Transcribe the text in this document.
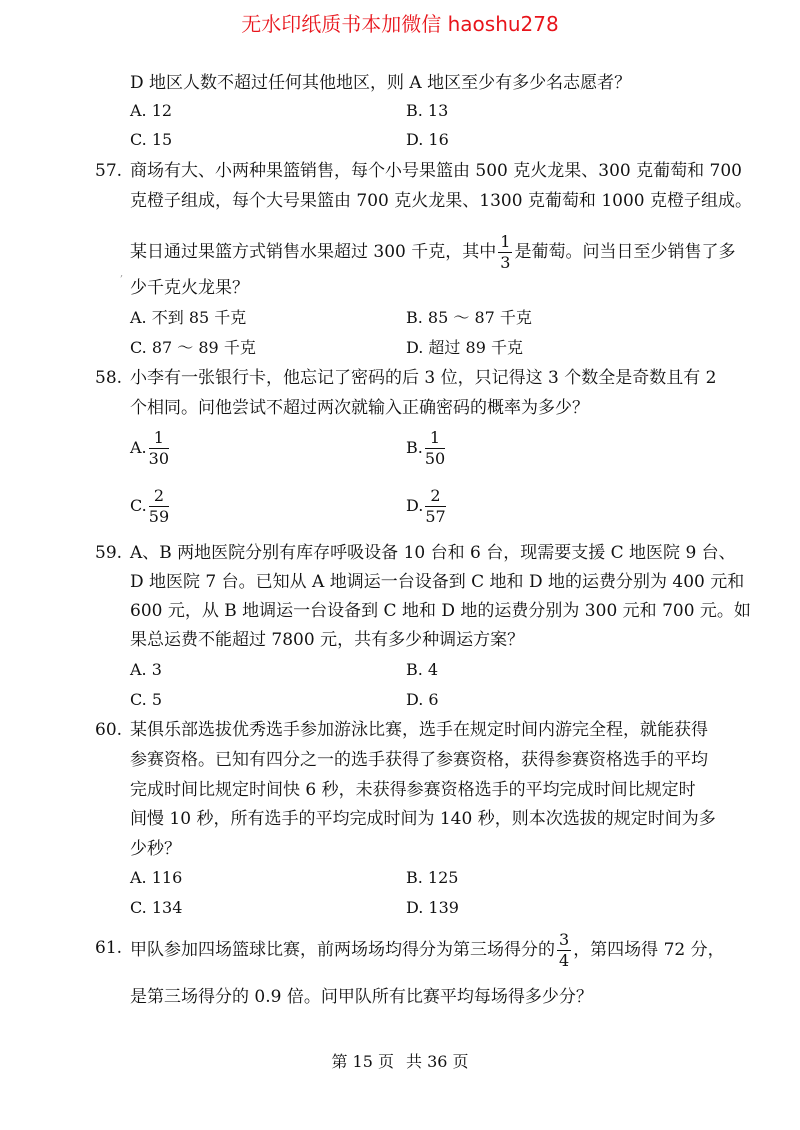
无水印纸质书本加微信 haoshu278
D 地区人数不超过任何其他地区，则 A 地区至少有多少名志愿者？
A. 12	B. 13
C. 15	D. 16
57. 商场有大、小两种果篮销售，每个小号果篮由 500 克火龙果、300 克葡萄和 700
克橙子组成，每个大号果篮由 700 克火龙果、1300 克葡萄和 1000 克橙子组成。
某日通过果篮方式销售水果超过 300 千克，其中 $\frac{1}{3}$ 是葡萄。问当日至少销售了多
,
少千克火龙果？
A. 不到 85 千克	B. 85 ～ 87 千克
C. 87 ～ 89 千克	D. 超过 89 千克
58. 小李有一张银行卡，他忘记了密码的后 3 位，只记得这 3 个数全是奇数且有 2
个相同。问他尝试不超过两次就输入正确密码的概率为多少？
A. $\frac{1}{30}$	B. $\frac{1}{50}$
C. $\frac{2}{59}$	D. $\frac{2}{57}$
59. A、B 两地医院分别有库存呼吸设备 10 台和 6 台，现需要支援 C 地医院 9 台、
D 地医院 7 台。已知从 A 地调运一台设备到 C 地和 D 地的运费分别为 400 元和
600 元，从 B 地调运一台设备到 C 地和 D 地的运费分别为 300 元和 700 元。如
果总运费不能超过 7800 元，共有多少种调运方案？
A. 3	B. 4
C. 5	D. 6
60. 某俱乐部选拔优秀选手参加游泳比赛，选手在规定时间内游完全程，就能获得
参赛资格。已知有四分之一的选手获得了参赛资格，获得参赛资格选手的平均
完成时间比规定时间快 6 秒，未获得参赛资格选手的平均完成时间比规定时
间慢 10 秒，所有选手的平均完成时间为 140 秒，则本次选拔的规定时间为多
少秒？
A. 116	B. 125
C. 134	D. 139
61. 甲队参加四场篮球比赛，前两场场均得分为第三场得分的 $\frac{3}{4}$ ，第四场得 72 分，
是第三场得分的 0.9 倍。问甲队所有比赛平均每场得多少分？
第 15 页 共 36 页
